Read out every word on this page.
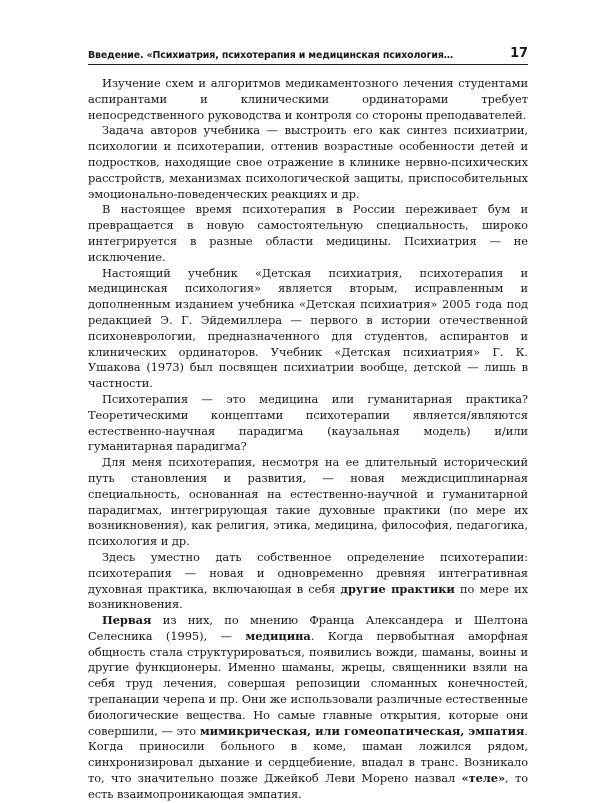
Введение. «Психиатрия, психотерапия и медицинская психология…	17

Изучение схем и алгоритмов медикаментозного лечения студентами аспирантами и клиническими ординаторами требует непосредственного руководства и контроля со стороны преподавателей.

Задача авторов учебника — выстроить его как синтез психиатрии, психологии и психотерапии, оттенив возрастные особенности детей и подростков, находящие свое отражение в клинике нервно-психических расстройств, механизмах психологической защиты, приспособительных эмоционально-поведенческих реакциях и др.

В настоящее время психотерапия в России переживает бум и превращается в новую самостоятельную специальность, широко интегрируется в разные области медицины. Психиатрия — не исключение.

Настоящий учебник «Детская психиатрия, психотерапия и медицинская психология» является вторым, исправленным и дополненным изданием учебника «Детская психиатрия» 2005 года под редакцией Э. Г. Эйдемиллера — первого в истории отечественной психоневрологии, предназначенного для студентов, аспирантов и клинических ординаторов. Учебник «Детская психиатрия» Г. К. Ушакова (1973) был посвящен психиатрии вообще, детской — лишь в частности.

Психотерапия — это медицина или гуманитарная практика? Теоретическими концептами психотерапии является/являются естественно-научная парадигма (каузальная модель) и/или гуманитарная парадигма?

Для меня психотерапия, несмотря на ее длительный исторический путь становления и развития, — новая междисциплинарная специальность, основанная на естественно-научной и гуманитарной парадигмах, интегрирующая такие духовные практики (по мере их возникновения), как религия, этика, медицина, философия, педагогика, психология и др.

Здесь уместно дать собственное определение психотерапии: психотерапия — новая и одновременно древняя интегративная духовная практика, включающая в себя другие практики по мере их возникновения.

Первая из них, по мнению Франца Александера и Шелтона Селесника (1995), — медицина. Когда первобытная аморфная общность стала структурироваться, появились вожди, шаманы, воины и другие функционеры. Именно шаманы, жрецы, священники взяли на себя труд лечения, совершая репозиции сломанных конечностей, трепанации черепа и пр. Они же использовали различные естественные биологические вещества. Но самые главные открытия, которые они совершили, — это мимикрическая, или гомеопатическая, эмпатия. Когда приносили больного в коме, шаман ложился рядом, синхронизировал дыхание и сердцебиение, впадал в транс. Возникало то, что значительно позже Джейкоб Леви Морено назвал «теле», то есть взаимопроникающая эмпатия.
